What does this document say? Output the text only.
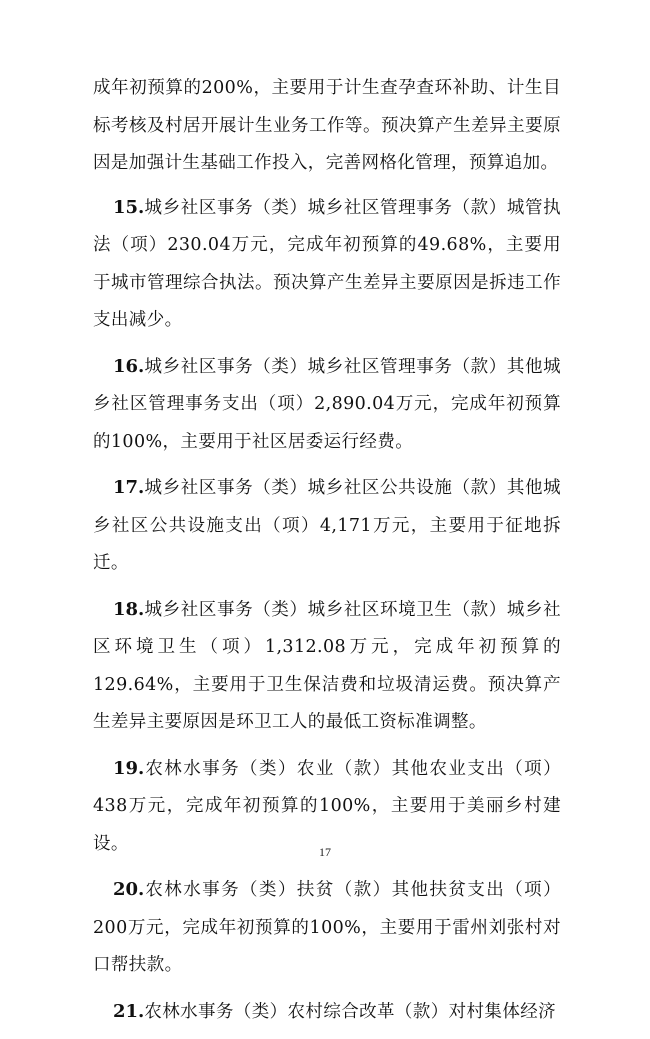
成年初预算的200%，主要用于计生查孕查环补助、计生目标考核及村居开展计生业务工作等。预决算产生差异主要原因是加强计生基础工作投入，完善网格化管理，预算追加。

15.城乡社区事务（类）城乡社区管理事务（款）城管执法（项）230.04万元，完成年初预算的49.68%，主要用于城市管理综合执法。预决算产生差异主要原因是拆违工作支出减少。

16.城乡社区事务（类）城乡社区管理事务（款）其他城乡社区管理事务支出（项）2,890.04万元，完成年初预算的100%，主要用于社区居委运行经费。

17.城乡社区事务（类）城乡社区公共设施（款）其他城乡社区公共设施支出（项）4,171万元，主要用于征地拆迁。

18.城乡社区事务（类）城乡社区环境卫生（款）城乡社区环境卫生（项）1,312.08万元，完成年初预算的129.64%，主要用于卫生保洁费和垃圾清运费。预决算产生差异主要原因是环卫工人的最低工资标准调整。

19.农林水事务（类）农业（款）其他农业支出（项）438万元，完成年初预算的100%，主要用于美丽乡村建设。

20.农林水事务（类）扶贫（款）其他扶贫支出（项）200万元，完成年初预算的100%，主要用于雷州刘张村对口帮扶款。

21.农林水事务（类）农村综合改革（款）对村集体经济

17
